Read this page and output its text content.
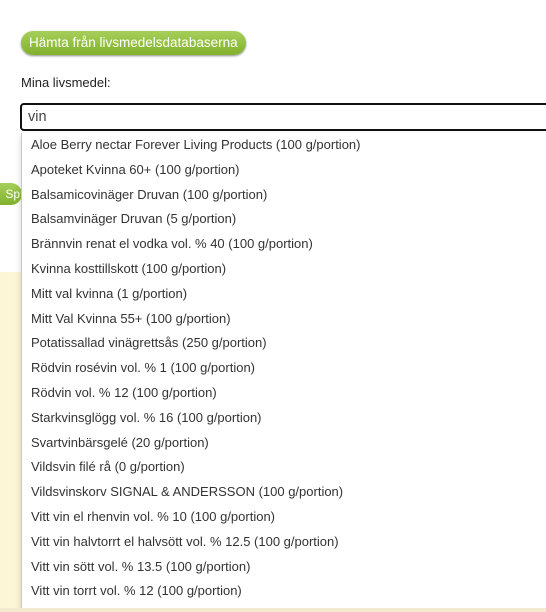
Hämta från livsmedelsdatabaserna
Mina livsmedel:
vin
Sp
Aloe Berry nectar Forever Living Products (100 g/portion)
Apoteket Kvinna 60+ (100 g/portion)
Balsamicovinäger Druvan (100 g/portion)
Balsamvinäger Druvan (5 g/portion)
Brännvin renat el vodka vol. % 40 (100 g/portion)
Kvinna kosttillskott (100 g/portion)
Mitt val kvinna (1 g/portion)
Mitt Val Kvinna 55+ (100 g/portion)
Potatissallad vinägrettsås (250 g/portion)
Rödvin rosévin vol. % 1 (100 g/portion)
Rödvin vol. % 12 (100 g/portion)
Starkvinsglögg vol. % 16 (100 g/portion)
Svartvinbärsgelé (20 g/portion)
Vildsvin filé rå (0 g/portion)
Vildsvinskorv SIGNAL & ANDERSSON (100 g/portion)
Vitt vin el rhenvin vol. % 10 (100 g/portion)
Vitt vin halvtorrt el halvsött vol. % 12.5 (100 g/portion)
Vitt vin sött vol. % 13.5 (100 g/portion)
Vitt vin torrt vol. % 12 (100 g/portion)
